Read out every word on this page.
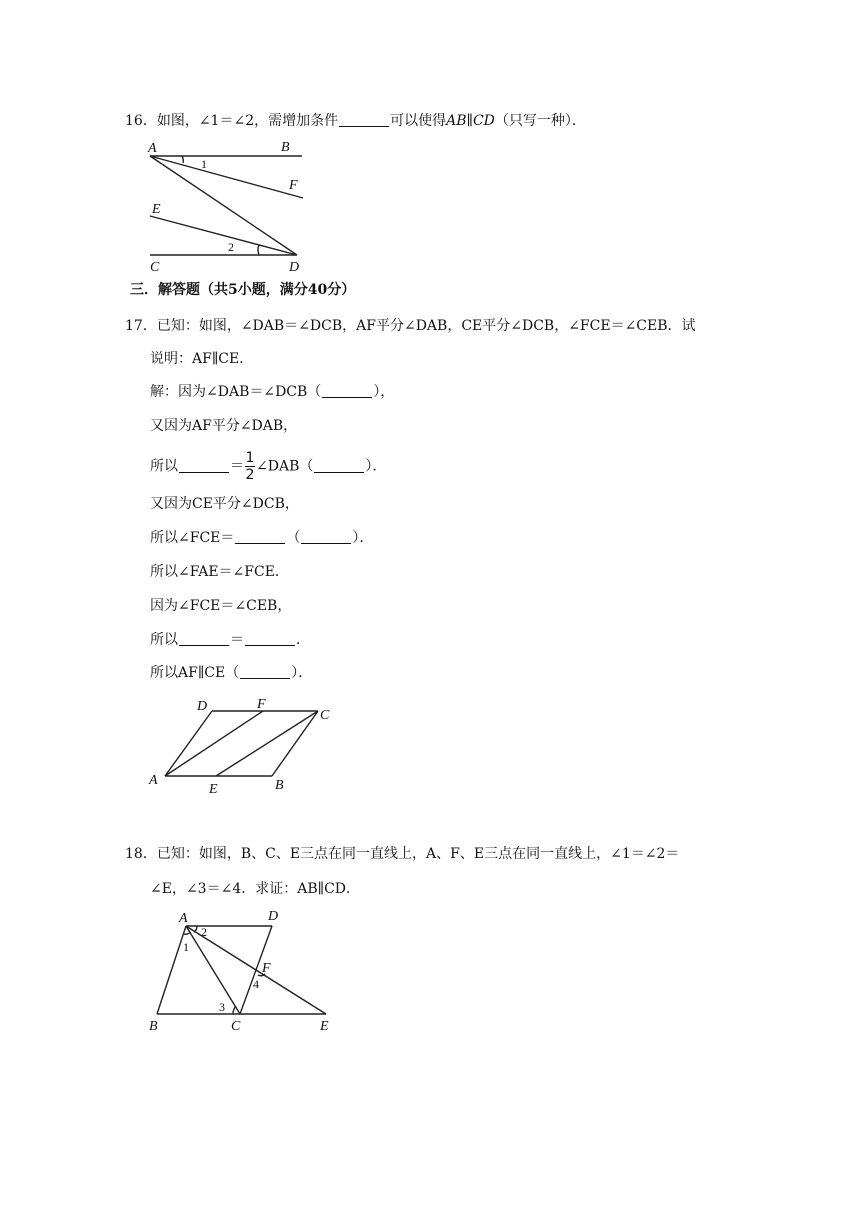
16．如图，∠1＝∠2，需增加条件	可以使得AB∥CD（只写一种）．
A	B
F
E
C	D
1
2
三．解答题（共5小题，满分40分）
17．已知：如图，∠DAB＝∠DCB，AF平分∠DAB，CE平分∠DCB，∠FCE＝∠CEB．试
说明：AF∥CE．
解：因为∠DAB＝∠DCB（	），
又因为AF平分∠DAB，
所以	＝ $\frac{1}{2}$ ∠DAB（	）．
又因为CE平分∠DCB，
所以∠FCE＝	（	）．
所以∠FAE＝∠FCE．
因为∠FCE＝∠CEB，
所以	＝	．
所以AF∥CE（	）．
D	F
C
A
E	B
18．已知：如图，B、C、E三点在同一直线上，A、F、E三点在同一直线上，∠1＝∠2＝
∠E，∠3＝∠4．求证：AB∥CD．
A	D
F
B	C	E
1
2
3
4
